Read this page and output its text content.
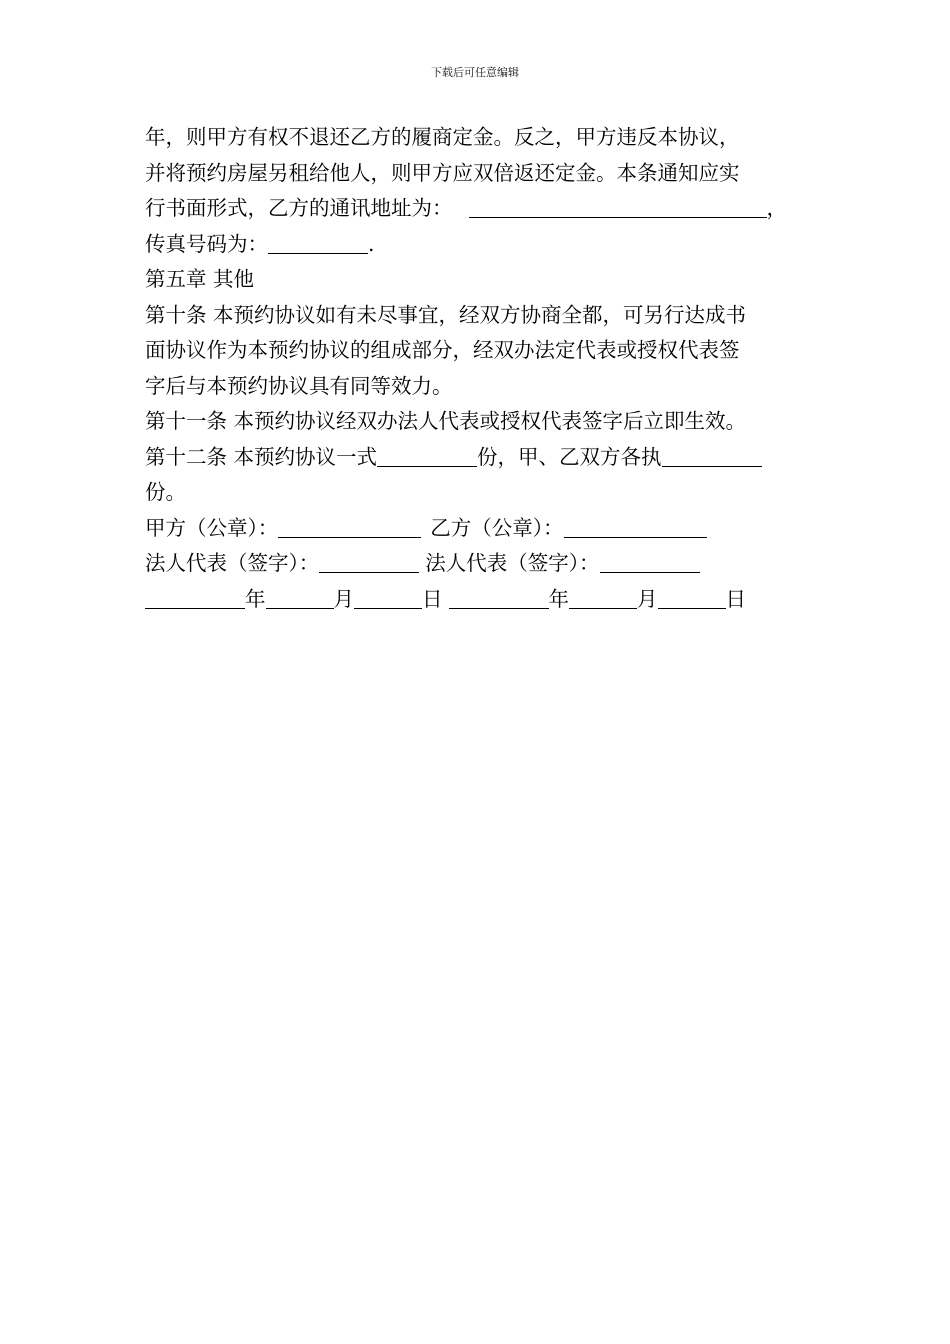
下载后可任意编辑
年，则甲方有权不退还乙方的履商定金。反之，甲方违反本协议，
并将预约房屋另租给他人，则甲方应双倍返还定金。本条通知应实
行书面形式，乙方的通讯地址为：	，
传真号码为：	.
第五章 其他
第十条 本预约协议如有未尽事宜，经双方协商全都，可另行达成书
面协议作为本预约协议的组成部分，经双办法定代表或授权代表签
字后与本预约协议具有同等效力。
第十一条 本预约协议经双办法人代表或授权代表签字后立即生效。
第十二条 本预约协议一式	份，甲、乙双方各执
份。
甲方（公章）：	乙方（公章）：
法人代表（签字）：	法人代表（签字）：
年	月	日	年	月	日
